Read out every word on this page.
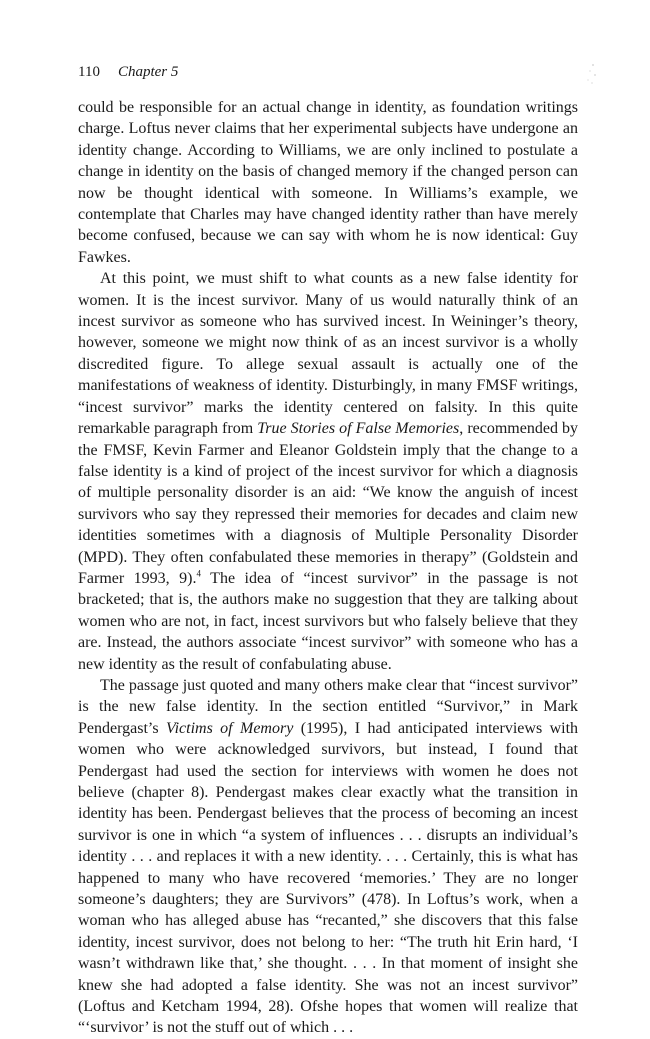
110 Chapter 5

could be responsible for an actual change in identity, as foundation writings charge. Loftus never claims that her experimental subjects have undergone an identity change. According to Williams, we are only inclined to postulate a change in identity on the basis of changed memory if the changed person can now be thought identical with someone. In Williams’s example, we contemplate that Charles may have changed identity rather than have merely become confused, because we can say with whom he is now identical: Guy Fawkes.

At this point, we must shift to what counts as a new false identity for women. It is the incest survivor. Many of us would naturally think of an incest survivor as someone who has survived incest. In Weininger’s theory, however, someone we might now think of as an incest survivor is a wholly discredited figure. To allege sexual assault is actually one of the manifestations of weakness of identity. Disturbingly, in many FMSF writings, “incest survivor” marks the identity centered on falsity. In this quite remarkable paragraph from True Stories of False Memories, recommended by the FMSF, Kevin Farmer and Eleanor Goldstein imply that the change to a false identity is a kind of project of the incest survivor for which a diagnosis of multiple personality disorder is an aid: “We know the anguish of incest survivors who say they repressed their memories for decades and claim new identities sometimes with a diagnosis of Multiple Personality Disorder (MPD). They often confabulated these memories in therapy” (Goldstein and Farmer 1993, 9).$^4$ The idea of “incest survivor” in the passage is not bracketed; that is, the authors make no suggestion that they are talking about women who are not, in fact, incest survivors but who falsely believe that they are. Instead, the authors associate “incest survivor” with someone who has a new identity as the result of confabulating abuse.

The passage just quoted and many others make clear that “incest survivor” is the new false identity. In the section entitled “Survivor,” in Mark Pendergast’s Victims of Memory (1995), I had anticipated interviews with women who were acknowledged survivors, but instead, I found that Pendergast had used the section for interviews with women he does not believe (chapter 8). Pendergast makes clear exactly what the transition in identity has been. Pendergast believes that the process of becoming an incest survivor is one in which “a system of influences . . . disrupts an individual’s identity . . . and replaces it with a new identity. . . . Certainly, this is what has happened to many who have recovered ‘memories.’ They are no longer someone’s daughters; they are Survivors” (478). In Loftus’s work, when a woman who has alleged abuse has “recanted,” she discovers that this false identity, incest survivor, does not belong to her: “The truth hit Erin hard, ‘I wasn’t withdrawn like that,’ she thought. . . . In that moment of insight she knew she had adopted a false identity. She was not an incest survivor” (Loftus and Ketcham 1994, 28). Ofshe hopes that women will realize that “‘survivor’ is not the stuff out of which . . .
